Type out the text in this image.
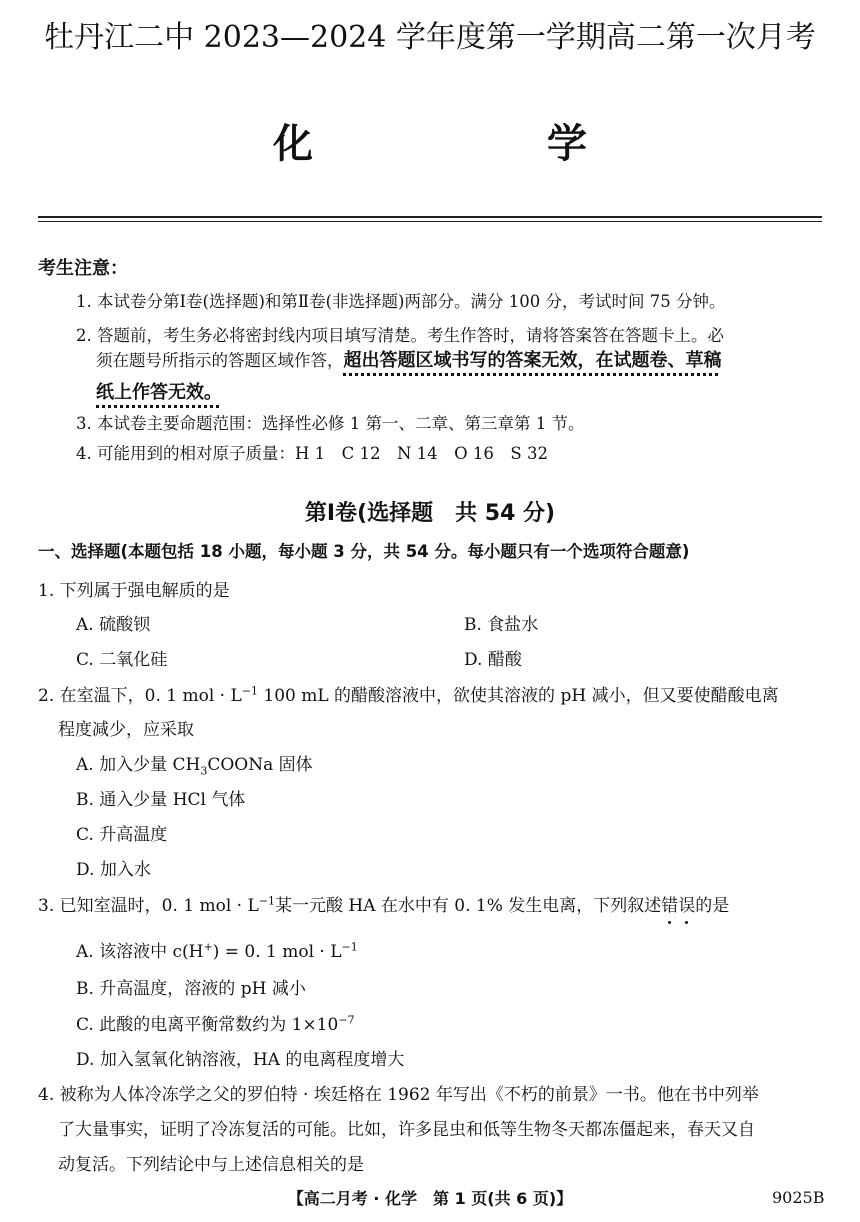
牡丹江二中 2023—2024 学年度第一学期高二第一次月考
化 学
考生注意：
1. 本试卷分第Ⅰ卷(选择题)和第Ⅱ卷(非选择题)两部分。满分 100 分，考试时间 75 分钟。
2. 答题前，考生务必将密封线内项目填写清楚。考生作答时，请将答案答在答题卡上。必
须在题号所指示的答题区域作答，超出答题区域书写的答案无效，在试题卷、草稿
纸上作答无效。
3. 本试卷主要命题范围：选择性必修 1 第一、二章、第三章第 1 节。
4. 可能用到的相对原子质量：H 1　C 12　N 14　O 16　S 32
第Ⅰ卷(选择题　共 54 分)
一、选择题(本题包括 18 小题，每小题 3 分，共 54 分。每小题只有一个选项符合题意)
1. 下列属于强电解质的是
A. 硫酸钡	B. 食盐水
C. 二氧化硅	D. 醋酸
2. 在室温下，0. 1 mol · $L^{-1}$ 100 mL 的醋酸溶液中，欲使其溶液的 pH 减小，但又要使醋酸电离
程度减少，应采取
A. 加入少量 $CH_3COONa$ 固体
B. 通入少量 HCl 气体
C. 升高温度
D. 加入水
3. 已知室温时，0. 1 mol · $L^{-1}$某一元酸 HA 在水中有 0. 1% 发生电离，下列叙述错误的是
A. 该溶液中 c(H+) = 0. 1 mol · $L^{-1}$
B. 升高温度，溶液的 pH 减小
C. 此酸的电离平衡常数约为 $1\times 10^{-7}$
D. 加入氢氧化钠溶液，HA 的电离程度增大
4. 被称为人体冷冻学之父的罗伯特 · 埃廷格在 1962 年写出《不朽的前景》一书。他在书中列举
了大量事实，证明了冷冻复活的可能。比如，许多昆虫和低等生物冬天都冻僵起来，春天又自
动复活。下列结论中与上述信息相关的是
【高二月考 · 化学　第 1 页(共 6 页)】	9025B
